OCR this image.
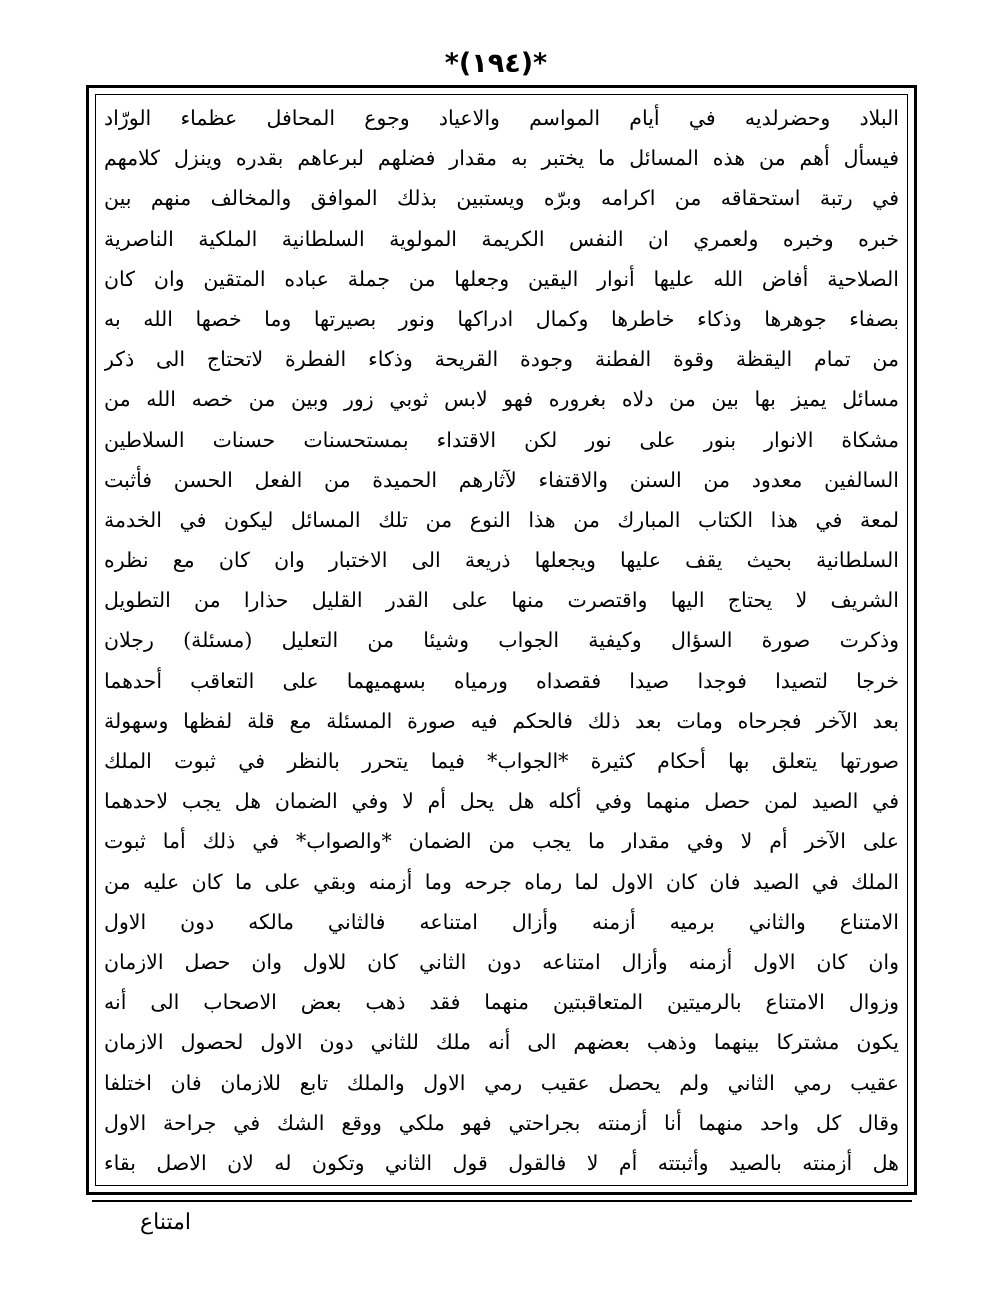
*(١٩٤)*
البلاد وحضرلديه في أيام المواسم والاعياد وجوع المحافل عظماء الورّاد
فيسأل أهم من هذه المسائل ما يختبر به مقدار فضلهم لبرعاهم بقدره وينزل كلامهم
في رتبة استحقاقه من اكرامه وبرّه ويستبين بذلك الموافق والمخالف منهم بين
خبره وخبره ولعمري ان النفس الكريمة المولوية السلطانية الملكية الناصرية
الصلاحية أفاض الله عليها أنوار اليقين وجعلها من جملة عباده المتقين وان كان
بصفاء جوهرها وذكاء خاطرها وكمال ادراكها ونور بصيرتها وما خصها الله به
من تمام اليقظة وقوة الفطنة وجودة القريحة وذكاء الفطرة لاتحتاج الى ذكر
مسائل يميز بها بين من دلاه بغروره فهو لابس ثوبي زور وبين من خصه الله من
مشكاة الانوار بنور على نور لكن الاقتداء بمستحسنات حسنات السلاطين
السالفين معدود من السنن والاقتفاء لآثارهم الحميدة من الفعل الحسن فأثبت
لمعة في هذا الكتاب المبارك من هذا النوع من تلك المسائل ليكون في الخدمة
السلطانية بحيث يقف عليها ويجعلها ذريعة الى الاختبار وان كان مع نظره
الشريف لا يحتاج اليها واقتصرت منها على القدر القليل حذارا من التطويل
وذكرت صورة السؤال وكيفية الجواب وشيئا من التعليل (مسئلة) رجلان
خرجا لتصيدا فوجدا صيدا فقصداه ورمياه بسهميهما على التعاقب أحدهما
بعد الآخر فجرحاه ومات بعد ذلك فالحكم فيه صورة المسئلة مع قلة لفظها وسهولة
صورتها يتعلق بها أحكام كثيرة *الجواب* فيما يتحرر بالنظر في ثبوت الملك
في الصيد لمن حصل منهما وفي أكله هل يحل أم لا وفي الضمان هل يجب لاحدهما
على الآخر أم لا وفي مقدار ما يجب من الضمان *والصواب* في ذلك أما ثبوت
الملك في الصيد فان كان الاول لما رماه جرحه وما أزمنه وبقي على ما كان عليه من
الامتناع والثاني برميه أزمنه وأزال امتناعه فالثاني مالكه دون الاول
وان كان الاول أزمنه وأزال امتناعه دون الثاني كان للاول وان حصل الازمان
وزوال الامتناع بالرميتين المتعاقبتين منهما فقد ذهب بعض الاصحاب الى أنه
يكون مشتركا بينهما وذهب بعضهم الى أنه ملك للثاني دون الاول لحصول الازمان
عقيب رمي الثاني ولم يحصل عقيب رمي الاول والملك تابع للازمان فان اختلفا
وقال كل واحد منهما أنا أزمنته بجراحتي فهو ملكي ووقع الشك في جراحة الاول
هل أزمنته بالصيد وأثبتته أم لا فالقول قول الثاني وتكون له لان الاصل بقاء
امتناع
